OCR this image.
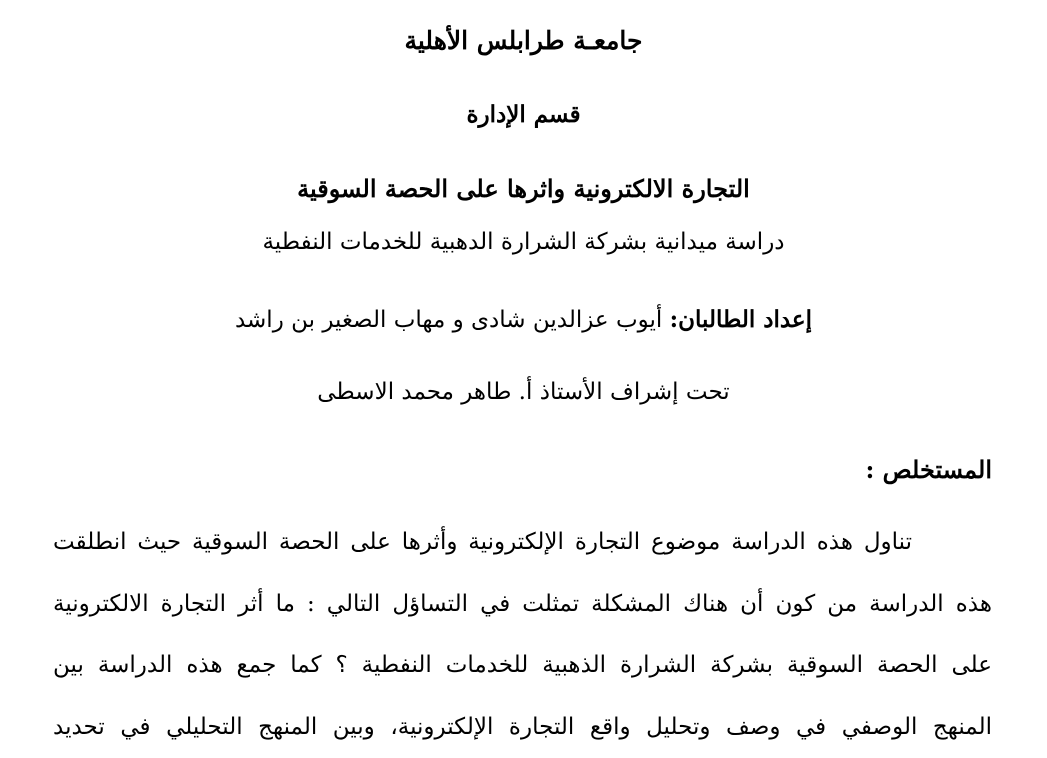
جامعـة طرابلس الأهلية
قسم الإدارة
التجارة الالكترونية واثرها على الحصة السوقية
دراسة ميدانية بشركة الشرارة الدهبية للخدمات النفطية
إعداد الطالبان: أيوب عزالدين شادى و مهاب الصغير بن راشد
تحت إشراف الأستاذ أ. طاهر محمد الاسطى
المستخلص :
تناول هذه الدراسة موضوع التجارة الإلكترونية وأثرها على الحصة السوقية حيث انطلقت
هذه الدراسة من كون أن هناك المشكلة تمثلت في التساؤل التالي : ما أثر التجارة الالكترونية
على الحصة السوقية بشركة الشرارة الذهبية للخدمات النفطية ؟ كما جمع هذه الدراسة بين
المنهج الوصفي في وصف وتحليل واقع التجارة الإلكترونية، وبين المنهج التحليلي في تحديد
